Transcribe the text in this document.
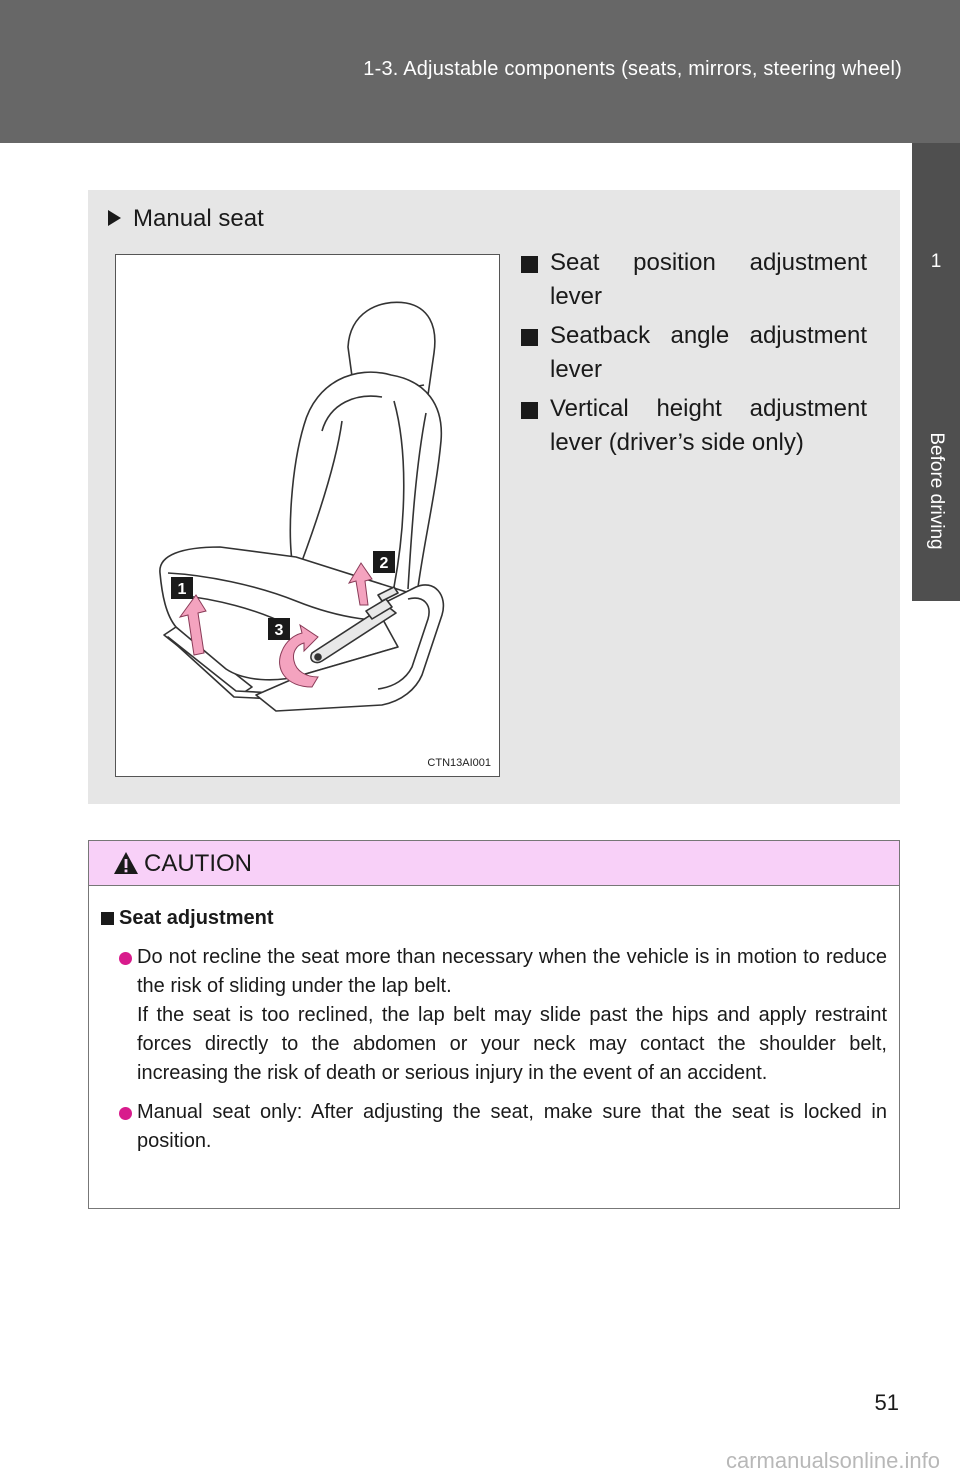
1-3. Adjustable components (seats, mirrors, steering wheel)
1
Before driving
Manual seat
1
2
3
CTN13AI001
Seat position adjustment lever
Seatback angle adjustment lever
Vertical height adjustment lever (driver’s side only)
CAUTION
Seat adjustment

Do not recline the seat more than necessary when the vehicle is in motion to reduce the risk of sliding under the lap belt.

If the seat is too reclined, the lap belt may slide past the hips and apply restraint forces directly to the abdomen or your neck may contact the shoulder belt, increasing the risk of death or serious injury in the event of an accident.

Manual seat only: After adjusting the seat, make sure that the seat is locked in position.

51
carmanualsonline.info
